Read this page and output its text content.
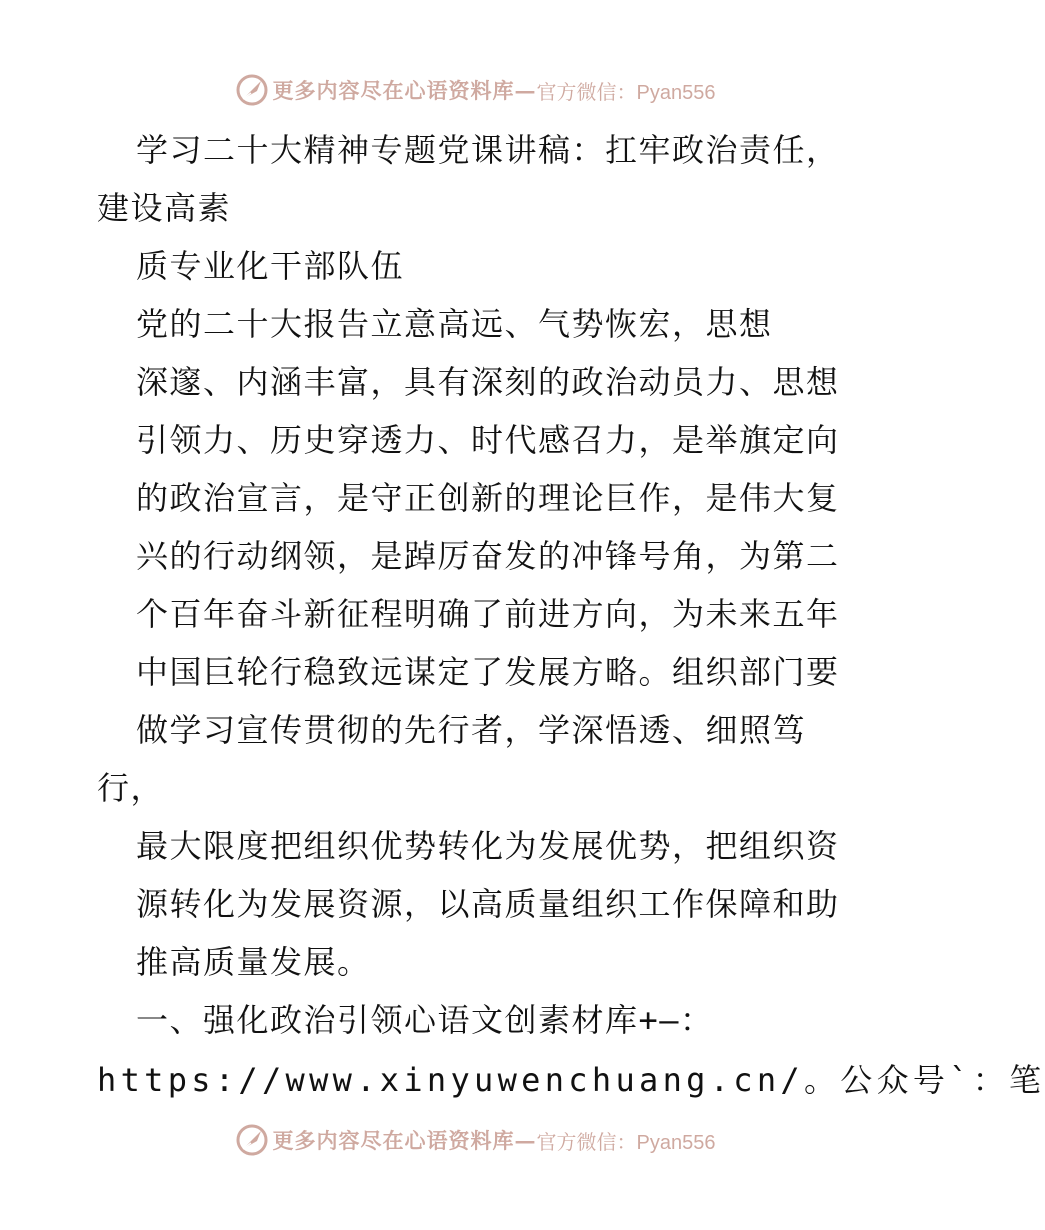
更多内容尽在心语资料库 — 官方微信：Pyan556
学习二十大精神专题党课讲稿：扛牢政治责任，
建设高素
质专业化干部队伍
党的二十大报告立意高远、气势恢宏，思想
深邃、内涵丰富，具有深刻的政治动员力、思想
引领力、历史穿透力、时代感召力，是举旗定向
的政治宣言，是守正创新的理论巨作，是伟大复
兴的行动纲领，是踔厉奋发的冲锋号角，为第二
个百年奋斗新征程明确了前进方向，为未来五年
中国巨轮行稳致远谋定了发展方略。组织部门要
做学习宣传贯彻的先行者，学深悟透、细照笃
行，
最大限度把组织优势转化为发展优势，把组织资
源转化为发展资源，以高质量组织工作保障和助
推高质量发展。
一、强化政治引领心语文创素材库+—：
https://www.xinyuwenchuang.cn/。公众号`：笔
更多内容尽在心语资料库 — 官方微信：Pyan556
